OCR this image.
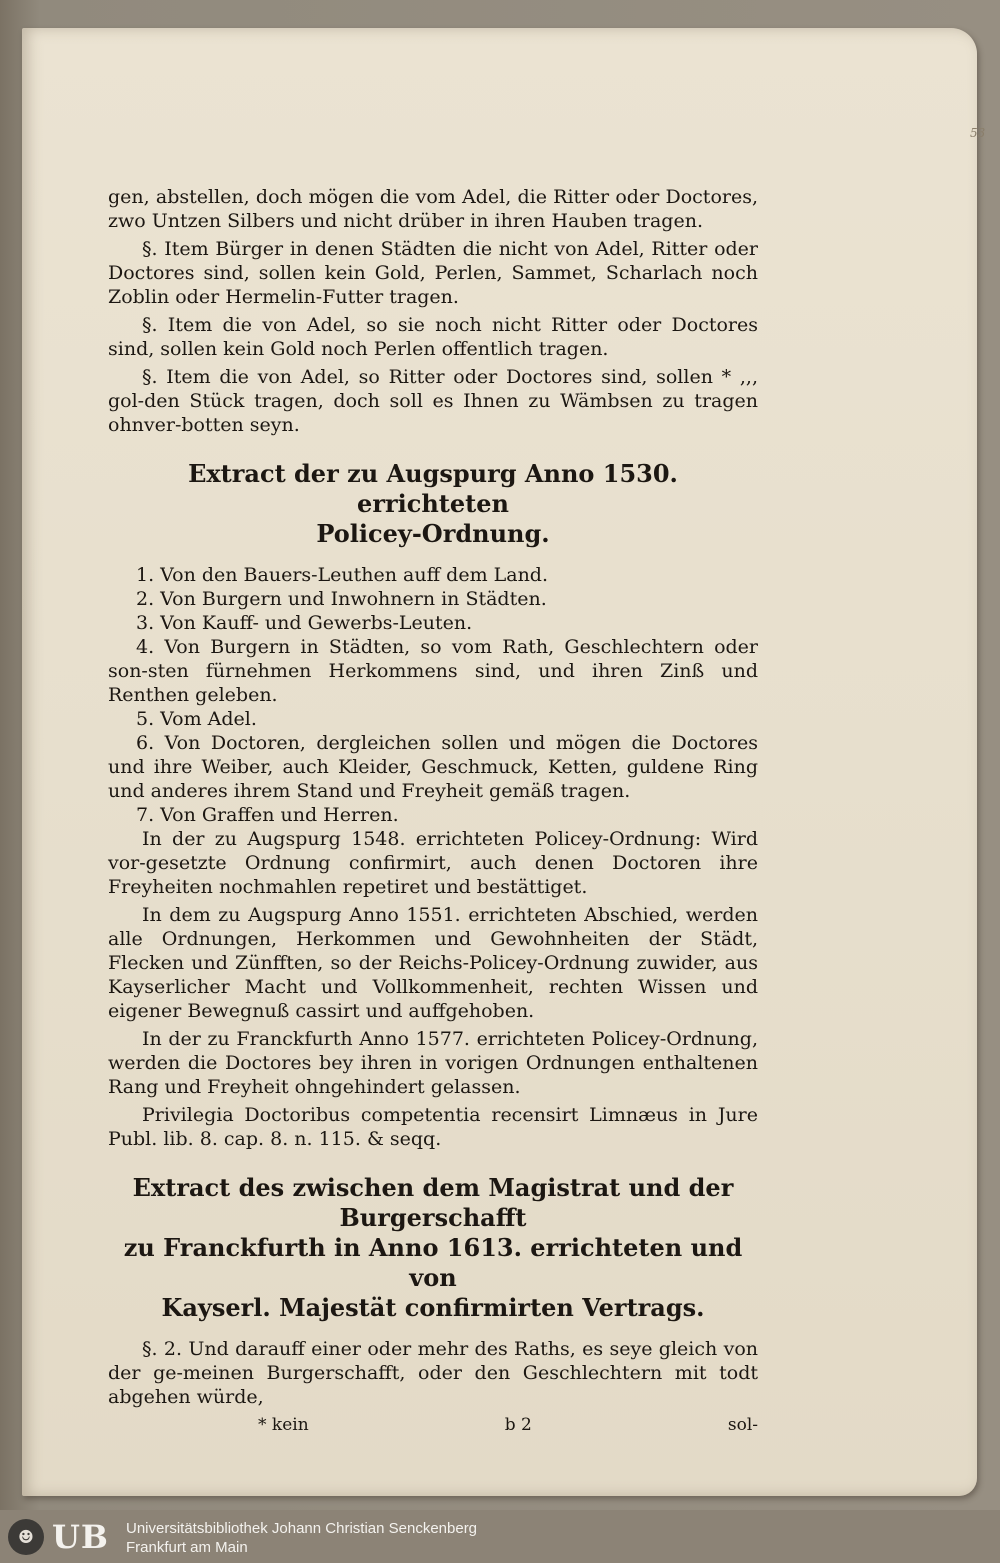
53

gen, abstellen, doch mögen die vom Adel, die Ritter oder Doctores, zwo Untzen Silbers und nicht drüber in ihren Hauben tragen.

§. Item Bürger in denen Städten die nicht von Adel, Ritter oder Doctores sind, sollen kein Gold, Perlen, Sammet, Scharlach noch Zoblin oder Hermelin-Futter tragen.

§. Item die von Adel, so sie noch nicht Ritter oder Doctores sind, sollen kein Gold noch Perlen offentlich tragen.

§. Item die von Adel, so Ritter oder Doctores sind, sollen * ,,, gol-den Stück tragen, doch soll es Ihnen zu Wämbsen zu tragen ohnver-botten seyn.

Extract der zu Augspurg Anno 1530. errichteten
Policey-Ordnung.

1. Von den Bauers-Leuthen auff dem Land.

2. Von Burgern und Inwohnern in Städten.

3. Von Kauff- und Gewerbs-Leuten.

4. Von Burgern in Städten, so vom Rath, Geschlechtern oder son-sten fürnehmen Herkommens sind, und ihren Zinß und Renthen geleben.

5. Vom Adel.

6. Von Doctoren, dergleichen sollen und mögen die Doctores und ihre Weiber, auch Kleider, Geschmuck, Ketten, guldene Ring und anderes ihrem Stand und Freyheit gemäß tragen.

7. Von Graffen und Herren.

In der zu Augspurg 1548. errichteten Policey-Ordnung: Wird vor-gesetzte Ordnung confirmirt, auch denen Doctoren ihre Freyheiten nochmahlen repetiret und bestättiget.

In dem zu Augspurg Anno 1551. errichteten Abschied, werden alle Ordnungen, Herkommen und Gewohnheiten der Städt, Flecken und Zünfften, so der Reichs-Policey-Ordnung zuwider, aus Kayserlicher Macht und Vollkommenheit, rechten Wissen und eigener Bewegnuß cassirt und auffgehoben.

In der zu Franckfurth Anno 1577. errichteten Policey-Ordnung, werden die Doctores bey ihren in vorigen Ordnungen enthaltenen Rang und Freyheit ohngehindert gelassen.

Privilegia Doctoribus competentia recensirt Limnæus in Jure Publ. lib. 8. cap. 8. n. 115. & seqq.

Extract des zwischen dem Magistrat und der Burgerschafft
zu Franckfurth in Anno 1613. errichteten und von
Kayserl. Majestät confirmirten Vertrags.

§. 2. Und darauff einer oder mehr des Raths, es seye gleich von der ge-meinen Burgerschafft, oder den Geschlechtern mit todt abgehen würde,

* kein	b 2	sol-
☻ UB Universitätsbibliothek Johann Christian Senckenberg
Frankfurt am Main
